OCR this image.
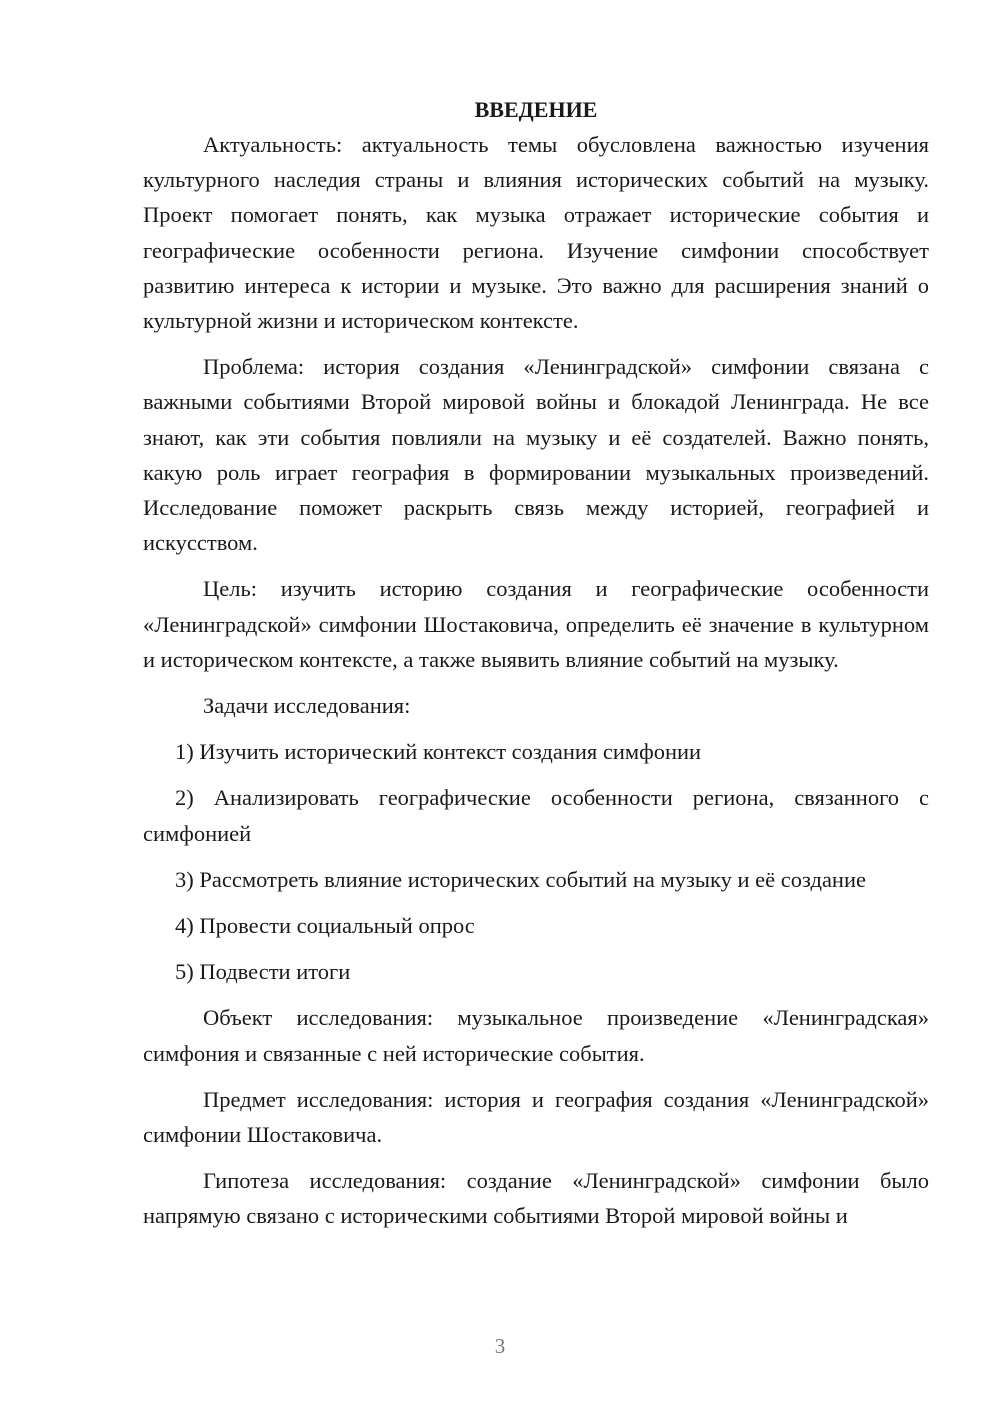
ВВЕДЕНИЕ

Актуальность: актуальность темы обусловлена важностью изучения культурного наследия страны и влияния исторических событий на музыку. Проект помогает понять, как музыка отражает исторические события и географические особенности региона. Изучение симфонии способствует развитию интереса к истории и музыке. Это важно для расширения знаний о культурной жизни и историческом контексте.

Проблема: история создания «Ленинградской» симфонии связана с важными событиями Второй мировой войны и блокадой Ленинграда. Не все знают, как эти события повлияли на музыку и её создателей. Важно понять, какую роль играет география в формировании музыкальных произведений. Исследование поможет раскрыть связь между историей, географией и искусством.

Цель: изучить историю создания и географические особенности «Ленинградской» симфонии Шостаковича, определить её значение в культурном и историческом контексте, а также выявить влияние событий на музыку.

Задачи исследования:

1) Изучить исторический контекст создания симфонии

2) Анализировать географические особенности региона, связанного с симфонией

3) Рассмотреть влияние исторических событий на музыку и её создание

4) Провести социальный опрос

5) Подвести итоги

Объект исследования: музыкальное произведение «Ленинградская» симфония и связанные с ней исторические события.

Предмет исследования: история и география создания «Ленинградской» симфонии Шостаковича.

Гипотеза исследования: создание «Ленинградской» симфонии было напрямую связано с историческими событиями Второй мировой войны и

3
